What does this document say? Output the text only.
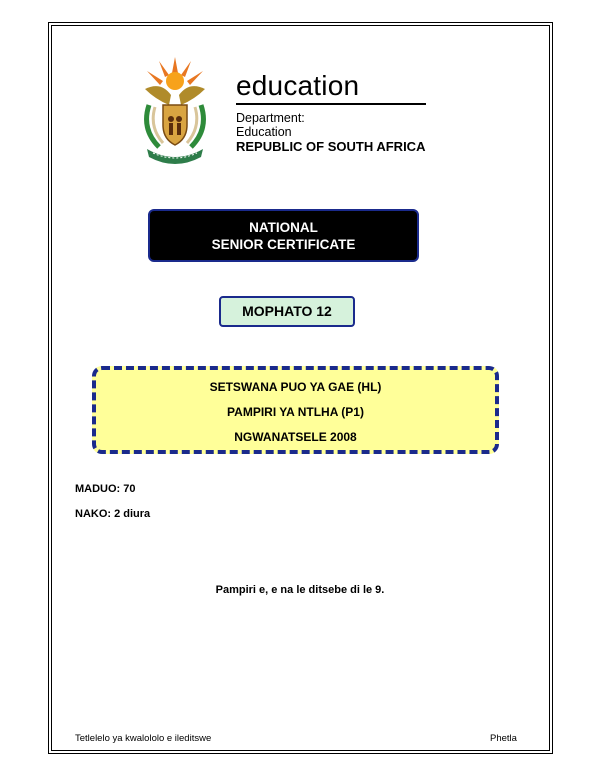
education
Department:
Education
REPUBLIC OF SOUTH AFRICA
NATIONAL
SENIOR CERTIFICATE
MOPHATO 12
SETSWANA PUO YA GAE (HL)
PAMPIRI YA NTLHA (P1)
NGWANATSELE 2008
MADUO: 70
NAKO: 2 diura
Pampiri e, e na le ditsebe di le 9.
Tetlelelo ya kwalololo e ileditswe	Phetla
